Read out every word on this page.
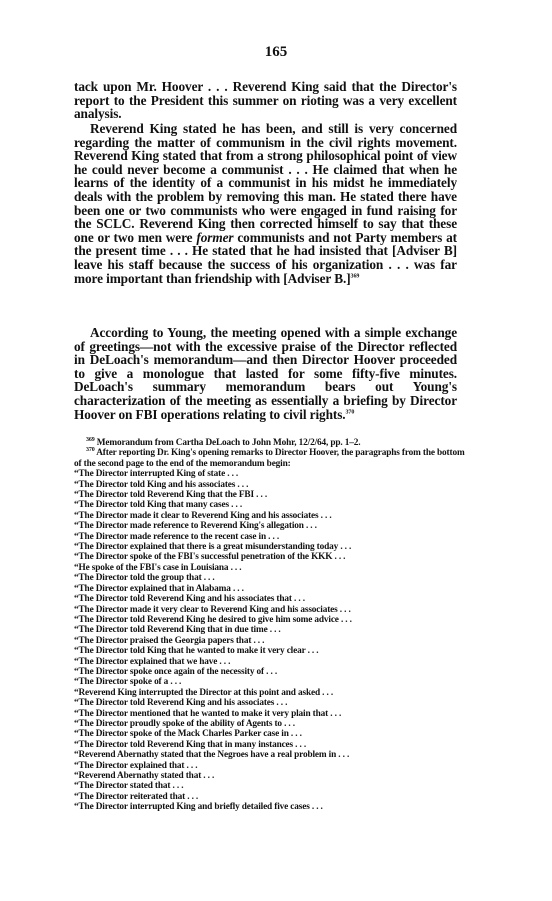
165

tack upon Mr. Hoover . . . Reverend King said that the Director's report to the President this summer on rioting was a very excellent analysis.

Reverend King stated he has been, and still is very concerned regarding the matter of communism in the civil rights movement. Reverend King stated that from a strong philosophical point of view he could never become a communist . . . He claimed that when he learns of the identity of a communist in his midst he immediately deals with the problem by removing this man. He stated there have been one or two communists who were engaged in fund raising for the SCLC. Reverend King then corrected himself to say that these one or two men were former communists and not Party members at the present time . . . He stated that he had insisted that [Adviser B] leave his staff because the success of his organization . . . was far more important than friendship with [Adviser B.]$^{369}$

According to Young, the meeting opened with a simple exchange of greetings—not with the excessive praise of the Director reflected in DeLoach's memorandum—and then Director Hoover proceeded to give a monologue that lasted for some fifty-five minutes. DeLoach's summary memorandum bears out Young's characterization of the meeting as essentially a briefing by Director Hoover on FBI operations relating to civil rights.$^{370}$

$^{369}$ Memorandum from Cartha DeLoach to John Mohr, 12/2/64, pp. 1–2.

$^{370}$ After reporting Dr. King's opening remarks to Director Hoover, the paragraphs from the bottom of the second page to the end of the memorandum begin:

“The Director interrupted King of state . . .
“The Director told King and his associates . . .
“The Director told Reverend King that the FBI . . .
“The Director told King that many cases . . .
“The Director made it clear to Reverend King and his associates . . .
“The Director made reference to Reverend King's allegation . . .
“The Director made reference to the recent case in . . .
“The Director explained that there is a great misunderstanding today . . .
“The Director spoke of the FBI's successful penetration of the KKK . . .
“He spoke of the FBI's case in Louisiana . . .
“The Director told the group that . . .
“The Director explained that in Alabama . . .
“The Director told Reverend King and his associates that . . .
“The Director made it very clear to Reverend King and his associates . . .
“The Director told Reverend King he desired to give him some advice . . .
“The Director told Reverend King that in due time . . .
“The Director praised the Georgia papers that . . .
“The Director told King that he wanted to make it very clear . . .
“The Director explained that we have . . .
“The Director spoke once again of the necessity of . . .
“The Director spoke of a . . .
“Reverend King interrupted the Director at this point and asked . . .
“The Director told Reverend King and his associates . . .
“The Director mentioned that he wanted to make it very plain that . . .
“The Director proudly spoke of the ability of Agents to . . .
“The Director spoke of the Mack Charles Parker case in . . .
“The Director told Reverend King that in many instances . . .
“Reverend Abernathy stated that the Negroes have a real problem in . . .
“The Director explained that . . .
“Reverend Abernathy stated that . . .
“The Director stated that . . .
“The Director reiterated that . . .
“The Director interrupted King and briefly detailed five cases . . .
